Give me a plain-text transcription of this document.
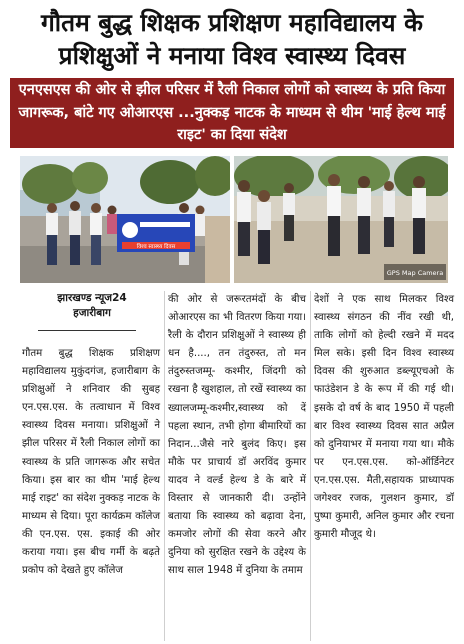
गौतम बुद्ध शिक्षक प्रशिक्षण महाविद्यालय के प्रशिक्षुओं ने मनाया विश्व स्वास्थ्य दिवस
एनएसएस की ओर से झील परिसर में रैली निकाल लोगों को स्वास्थ्य के प्रति किया जागरूक, बांटे गए ओआरएस ...नुक्कड़ नाटक के माध्यम से थीम 'माई हेल्थ माई राइट' का दिया संदेश
विश्व स्वास्थ्य दिवस
GPS Map Camera
झारखण्ड न्यूज24
हजारीबाग

गौतम बुद्ध शिक्षक प्रशिक्षण महाविद्यालय मुकुंदगंज, हजारीबाग के प्रशिक्षुओं ने शनिवार की सुबह एन.एस.एस. के तत्वाधान में विश्व स्वास्थ्य दिवस मनाया। प्रशिक्षुओं ने झील परिसर में रैली निकाल लोगों का स्वास्थ्य के प्रति जागरूक और सचेत किया। इस बार का थीम 'माई हेल्थ माई राइट' का संदेश नुक्कड़ नाटक के माध्यम से दिया। पूरा कार्यक्रम कॉलेज की एन.एस. एस. इकाई की ओर कराया गया। इस बीच गर्मी के बढ़ते प्रकोप को देखते हुए कॉलेज

की ओर से जरूरतमंदों के बीच ओआरएस का भी वितरण किया गया। रैली के दौरान प्रशिक्षुओं ने स्वास्थ्य ही धन है...., तन तंदुरुस्त, तो मन तंदुरुस्तजम्मू- कश्मीर, जिंदगी को रखना है खुशहाल, तो रखें स्वास्थ्य का ख्यालजम्मू-कश्मीर,स्वास्थ्य को दें पहला स्थान, तभी होगा बीमारियों का निदान...जैसे नारे बुलंद किए। इस मौके पर प्राचार्य डॉ अरविंद कुमार यादव ने वर्ल्ड हेल्थ डे के बारे में विस्तार से जानकारी दी। उन्होंने बताया कि स्वास्थ्य को बढ़ावा देना, कमजोर लोगों की सेवा करने और दुनिया को सुरक्षित रखने के उद्देश्य के साथ साल 1948 में दुनिया के तमाम

देशों ने एक साथ मिलकर विश्व स्वास्थ्य संगठन की नींव रखी थी, ताकि लोगों को हेल्दी रखने में मदद मिल सके। इसी दिन विश्व स्वास्थ्य दिवस की शुरुआत डब्ल्यूएचओ के फाउंडेशन डे के रूप में की गई थी। इसके दो वर्ष के बाद 1950 में पहली बार विश्व स्वास्थ्य दिवस सात अप्रैल को दुनियाभर में मनाया गया था। मौके पर एन.एस.एस. को-ऑर्डिनेटर एन.एस.एस. मैती,सहायक प्राध्यापक जगेश्वर रजक, गुलशन कुमार, डॉ पुष्पा कुमारी, अनिल कुमार और रचना कुमारी मौजूद थे।
